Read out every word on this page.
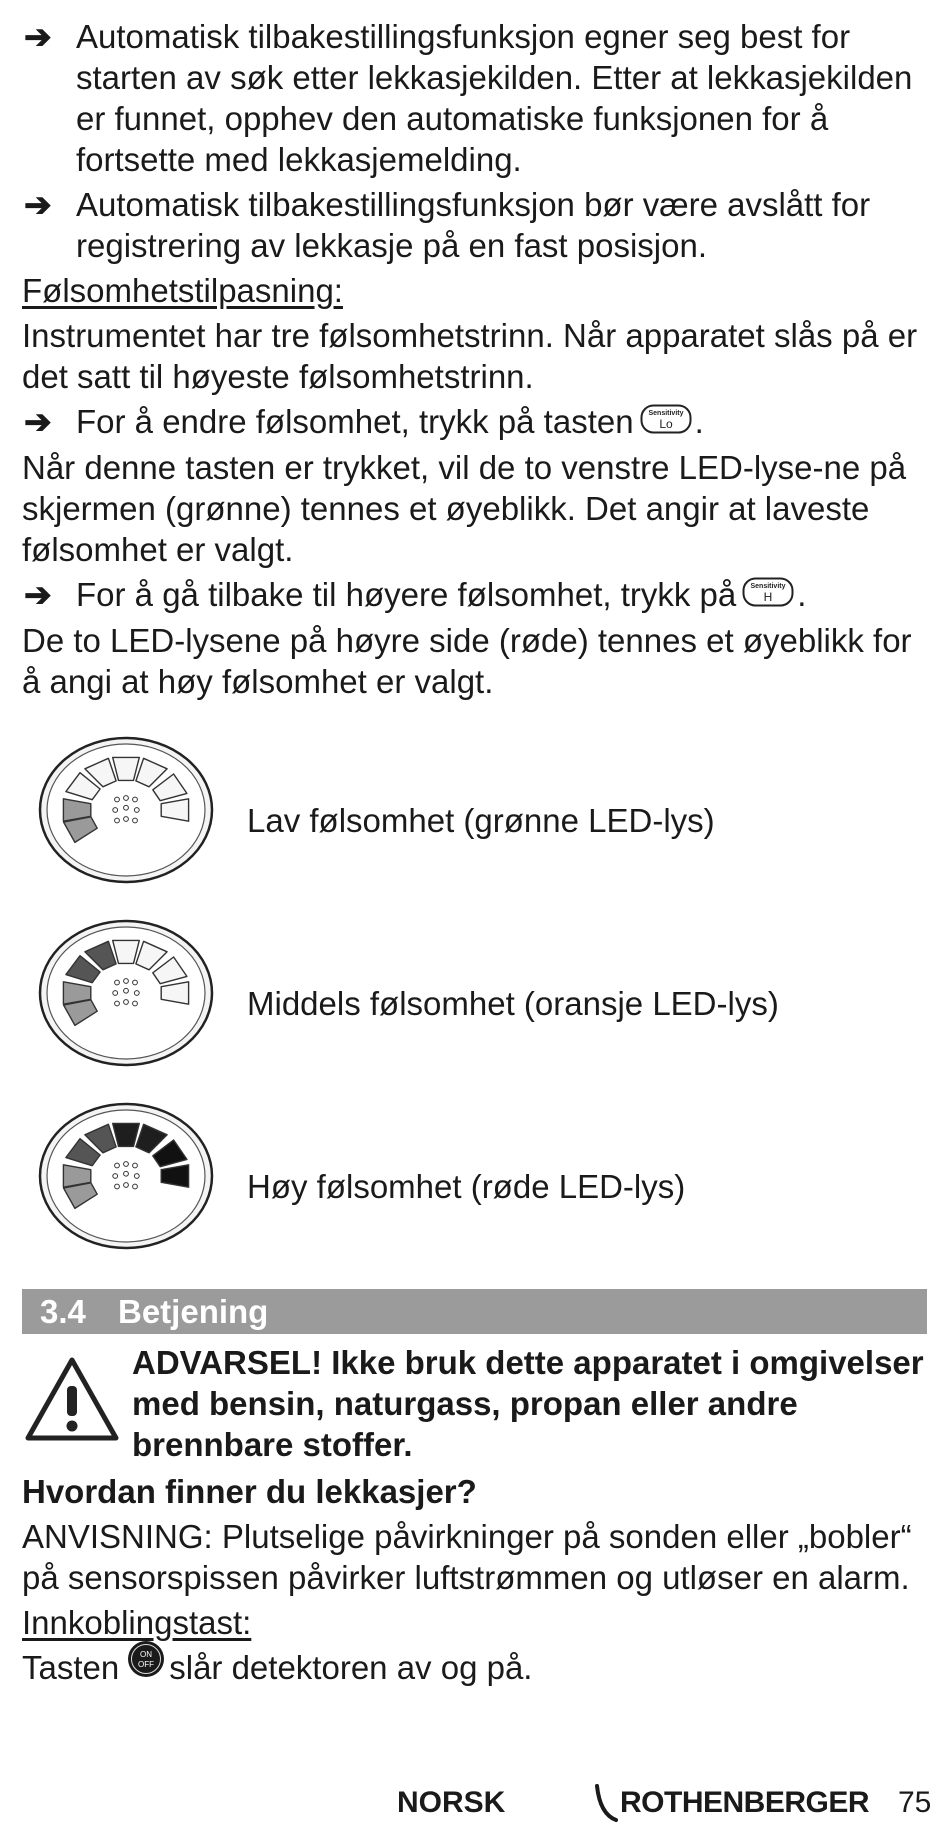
➔ Automatisk tilbakestillingsfunksjon egner seg best for starten av søk etter lekkasjekilden. Etter at lekkasjekilden er funnet, opphev den automatiske funksjonen for å fortsette med lekkasjemelding.

➔ Automatisk tilbakestillingsfunksjon bør være avslått for registrering av lekkasje på en fast posisjon.

Følsomhetstilpasning:

Instrumentet har tre følsomhetstrinn. Når apparatet slås på er det satt til høyeste følsomhetstrinn.

➔ For å endre følsomhet, trykk på tasten Sensitivity
Lo .

Når denne tasten er trykket, vil de to venstre LED-lyse-ne på skjermen (grønne) tennes et øyeblikk. Det angir at laveste følsomhet er valgt.

➔ For å gå tilbake til høyere følsomhet, trykk på Sensitivity
H .

De to LED-lysene på høyre side (røde) tennes et øyeblikk for å angi at høy følsomhet er valgt.

Lav følsomhet (grønne LED-lys)
Middels følsomhet (oransje LED-lys)
Høy følsomhet (røde LED-lys)
3.4 Betjening

ADVARSEL! Ikke bruk dette apparatet i omgivelser med bensin, naturgass, propan eller andre brennbare stoffer.

Hvordan finner du lekkasjer?

ANVISNING: Plutselige påvirkninger på sonden eller „bobler“ på sensorspissen påvirker luftstrømmen og utløser en alarm.

Innkoblingstast:

Tasten	ON
OFF slår detektoren av og på.

NORSK	ROTHENBERGER 75
